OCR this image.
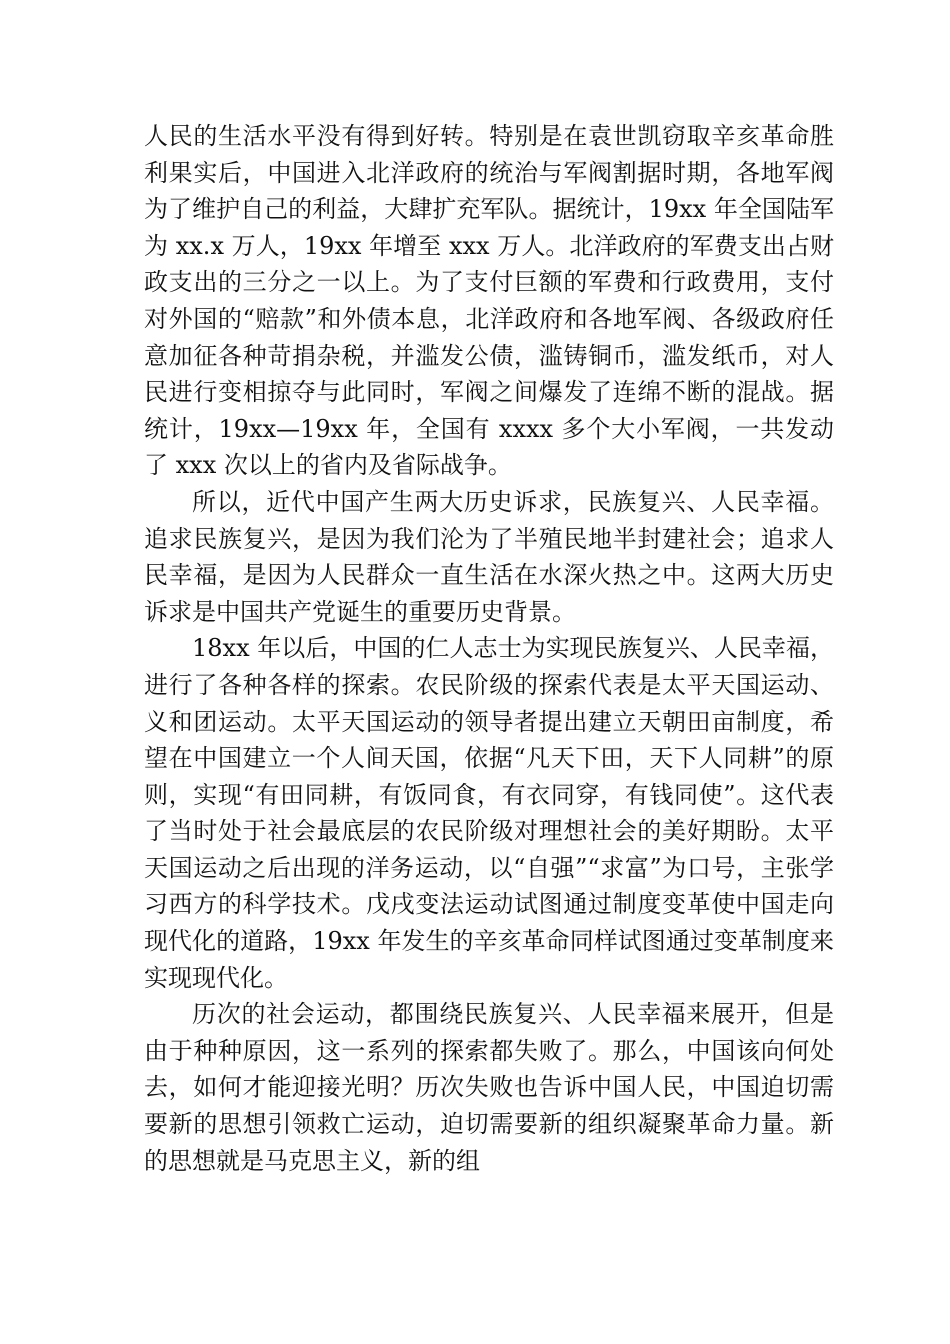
人民的生活水平没有得到好转。特别是在袁世凯窃取辛亥革命胜利果实后，中国进入北洋政府的统治与军阀割据时期，各地军阀为了维护自己的利益，大肆扩充军队。据统计，19xx 年全国陆军为 xx.x 万人，19xx 年增至 xxx 万人。北洋政府的军费支出占财政支出的三分之一以上。为了支付巨额的军费和行政费用，支付对外国的“赔款”和外债本息，北洋政府和各地军阀、各级政府任意加征各种苛捐杂税，并滥发公债，滥铸铜币，滥发纸币，对人民进行变相掠夺与此同时，军阀之间爆发了连绵不断的混战。据统计，19xx—19xx 年，全国有 xxxx 多个大小军阀，一共发动了 xxx 次以上的省内及省际战争。

所以，近代中国产生两大历史诉求，民族复兴、人民幸福。追求民族复兴，是因为我们沦为了半殖民地半封建社会；追求人民幸福，是因为人民群众一直生活在水深火热之中。这两大历史诉求是中国共产党诞生的重要历史背景。

18xx 年以后，中国的仁人志士为实现民族复兴、人民幸福，进行了各种各样的探索。农民阶级的探索代表是太平天国运动、义和团运动。太平天国运动的领导者提出建立天朝田亩制度，希望在中国建立一个人间天国，依据“凡天下田，天下人同耕”的原则，实现“有田同耕，有饭同食，有衣同穿，有钱同使”。这代表了当时处于社会最底层的农民阶级对理想社会的美好期盼。太平天国运动之后出现的洋务运动，以“自强”“求富”为口号，主张学习西方的科学技术。戊戌变法运动试图通过制度变革使中国走向现代化的道路，19xx 年发生的辛亥革命同样试图通过变革制度来实现现代化。

历次的社会运动，都围绕民族复兴、人民幸福来展开，但是由于种种原因，这一系列的探索都失败了。那么，中国该向何处去，如何才能迎接光明？历次失败也告诉中国人民，中国迫切需要新的思想引领救亡运动，迫切需要新的组织凝聚革命力量。新的思想就是马克思主义，新的组
